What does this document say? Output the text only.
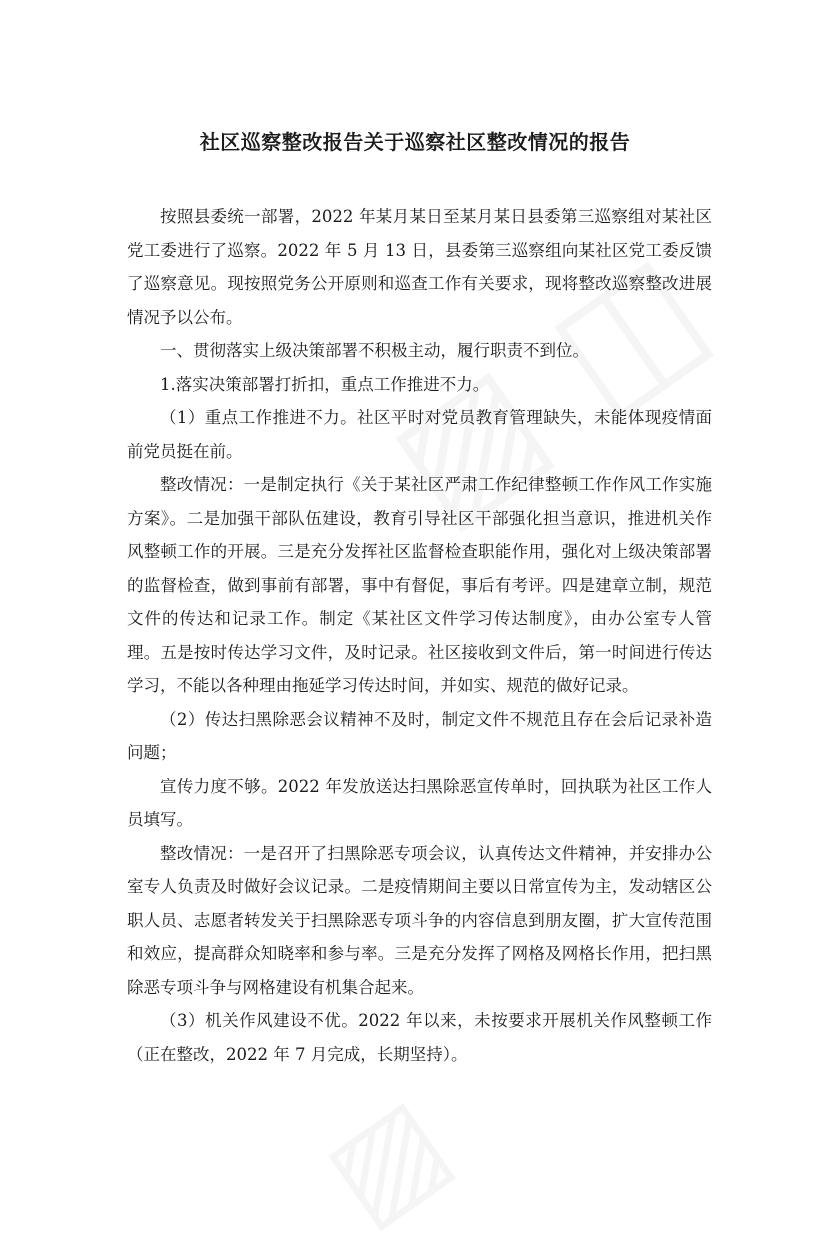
社区巡察整改报告关于巡察社区整改情况的报告

按照县委统一部署，2022 年某月某日至某月某日县委第三巡察组对某社区党工委进行了巡察。2022 年 5 月 13 日，县委第三巡察组向某社区党工委反馈了巡察意见。现按照党务公开原则和巡查工作有关要求，现将整改巡察整改进展情况予以公布。

一、贯彻落实上级决策部署不积极主动，履行职责不到位。

1.落实决策部署打折扣，重点工作推进不力。

（1）重点工作推进不力。社区平时对党员教育管理缺失，未能体现疫情面前党员挺在前。

整改情况：一是制定执行《关于某社区严肃工作纪律整顿工作作风工作实施方案》。二是加强干部队伍建设，教育引导社区干部强化担当意识，推进机关作风整顿工作的开展。三是充分发挥社区监督检查职能作用，强化对上级决策部署的监督检查，做到事前有部署，事中有督促，事后有考评。四是建章立制，规范文件的传达和记录工作。制定《某社区文件学习传达制度》，由办公室专人管理。五是按时传达学习文件，及时记录。社区接收到文件后，第一时间进行传达学习，不能以各种理由拖延学习传达时间，并如实、规范的做好记录。

（2）传达扫黑除恶会议精神不及时，制定文件不规范且存在会后记录补造问题；

宣传力度不够。2022 年发放送达扫黑除恶宣传单时，回执联为社区工作人员填写。

整改情况：一是召开了扫黑除恶专项会议，认真传达文件精神，并安排办公室专人负责及时做好会议记录。二是疫情期间主要以日常宣传为主，发动辖区公职人员、志愿者转发关于扫黑除恶专项斗争的内容信息到朋友圈，扩大宣传范围和效应，提高群众知晓率和参与率。三是充分发挥了网格及网格长作用，把扫黑除恶专项斗争与网格建设有机集合起来。

（3）机关作风建设不优。2022 年以来，未按要求开展机关作风整顿工作（正在整改，2022 年 7 月完成，长期坚持）。
